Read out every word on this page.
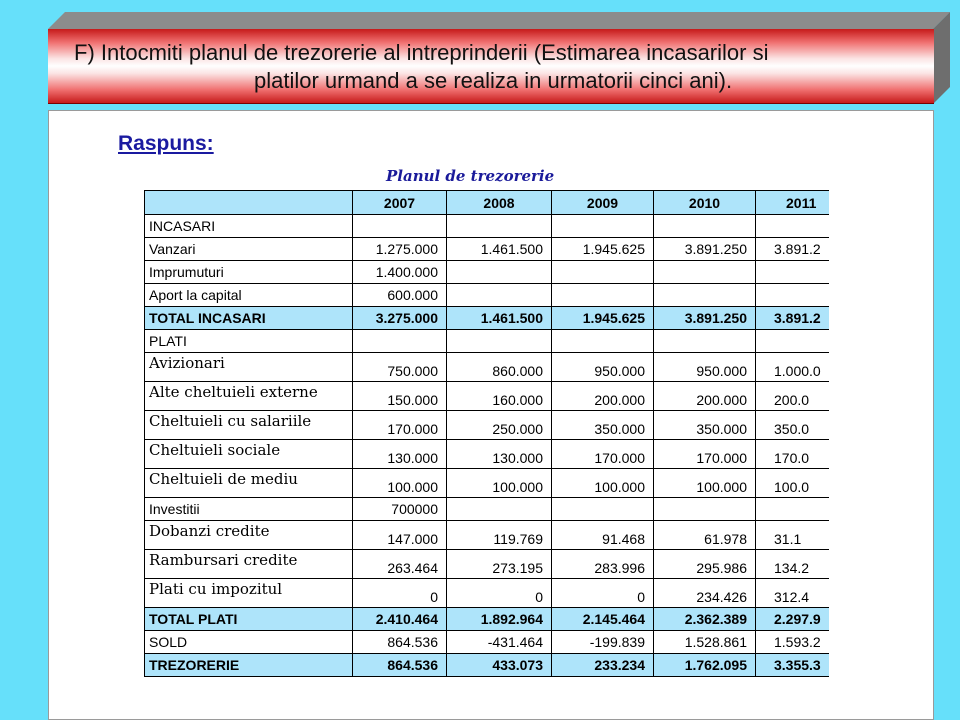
F) Intocmiti planul de trezorerie al intreprinderii (Estimarea incasarilor si
platilor urmand a se realiza in urmatorii cinci ani).
Raspuns:
Planul de trezorerie
	2007	2008	2009	2010	2011
INCASARI					
Vanzari	1.275.000	1.461.500	1.945.625	3.891.250	3.891.2
Imprumuturi	1.400.000				
Aport la capital	600.000				
TOTAL INCASARI	3.275.000	1.461.500	1.945.625	3.891.250	3.891.2
PLATI					
Avizionari	750.000	860.000	950.000	950.000	1.000.0
Alte cheltuieli externe	150.000	160.000	200.000	200.000	200.0
Cheltuieli cu salariile	170.000	250.000	350.000	350.000	350.0
Cheltuieli sociale	130.000	130.000	170.000	170.000	170.0
Cheltuieli de mediu	100.000	100.000	100.000	100.000	100.0
Investitii	700000				
Dobanzi credite	147.000	119.769	91.468	61.978	31.1
Rambursari credite	263.464	273.195	283.996	295.986	134.2
Plati cu impozitul	0	0	0	234.426	312.4
TOTAL PLATI	2.410.464	1.892.964	2.145.464	2.362.389	2.297.9
SOLD	864.536	-431.464	-199.839	1.528.861	1.593.2
TREZORERIE	864.536	433.073	233.234	1.762.095	3.355.3
